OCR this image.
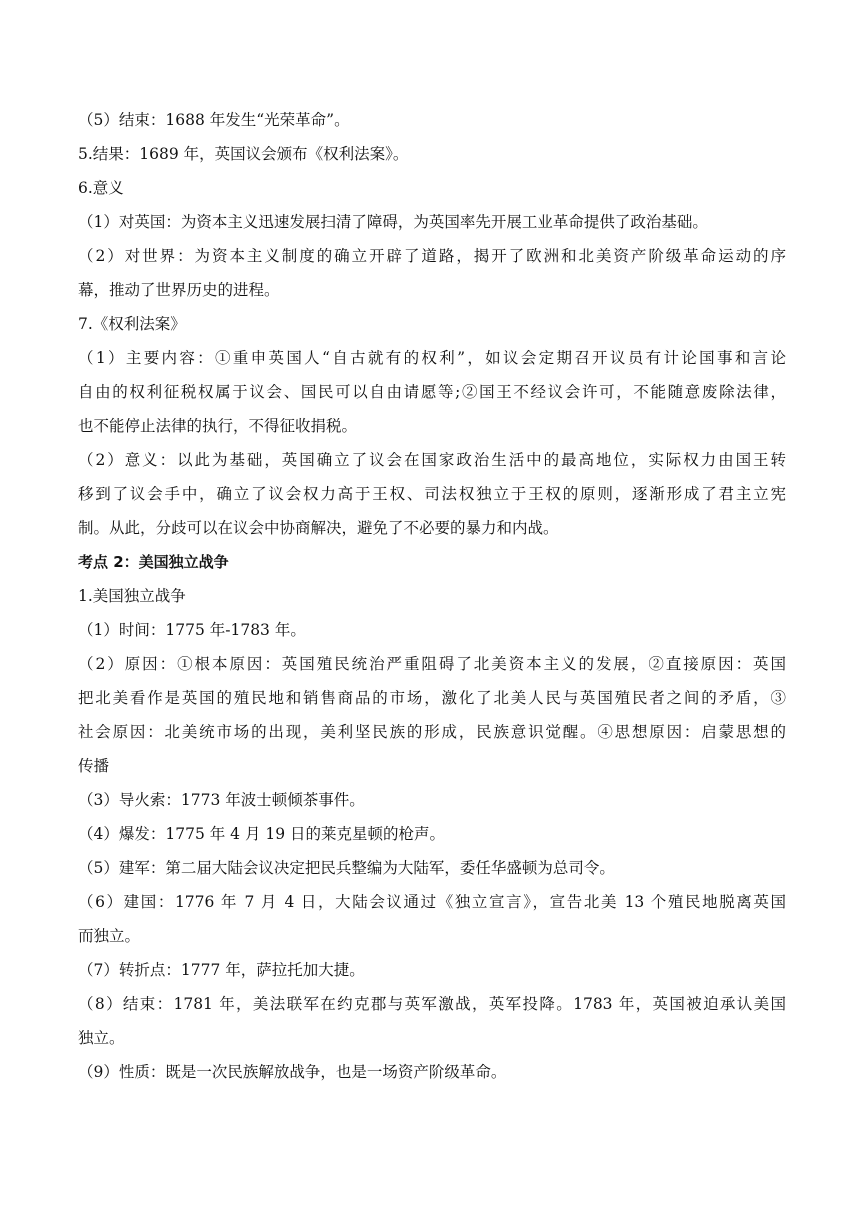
（5）结束：1688 年发生“光荣革命”。
5.结果：1689 年，英国议会颁布《权利法案》。
6.意义
（1）对英国：为资本主义迅速发展扫清了障碍，为英国率先开展工业革命提供了政治基础。
（2）对世界：为资本主义制度的确立开辟了道路，揭开了欧洲和北美资产阶级革命运动的序
幕，推动了世界历史的进程。
7.《权利法案》
（1）主要内容：①重申英国人“自古就有的权利”，如议会定期召开议员有计论国事和言论
自由的权利征税权属于议会、国民可以自由请愿等;②国王不经议会许可，不能随意废除法律，
也不能停止法律的执行，不得征收捐税。
（2）意义：以此为基础，英国确立了议会在国家政治生活中的最高地位，实际权力由国王转
移到了议会手中，确立了议会权力高于王权、司法权独立于王权的原则，逐渐形成了君主立宪
制。从此，分歧可以在议会中协商解决，避免了不必要的暴力和内战。
考点 2：美国独立战争
1.美国独立战争
（1）时间：1775 年-1783 年。
（2）原因：①根本原因：英国殖民统治严重阻碍了北美资本主义的发展，②直接原因：英国
把北美看作是英国的殖民地和销售商品的市场，激化了北美人民与英国殖民者之间的矛盾，③
社会原因：北美统市场的出现，美利坚民族的形成，民族意识觉醒。④思想原因：启蒙思想的
传播
（3）导火索：1773 年波士顿倾茶事件。
（4）爆发：1775 年 4 月 19 日的莱克星顿的枪声。
（5）建军：第二届大陆会议决定把民兵整编为大陆军，委任华盛顿为总司令。
（6）建国：1776 年 7 月 4 日，大陆会议通过《独立宣言》，宣告北美 13 个殖民地脱离英国
而独立。
（7）转折点：1777 年，萨拉托加大捷。
（8）结束：1781 年，美法联军在约克郡与英军激战，英军投降。1783 年，英国被迫承认美国
独立。
（9）性质：既是一次民族解放战争，也是一场资产阶级革命。
